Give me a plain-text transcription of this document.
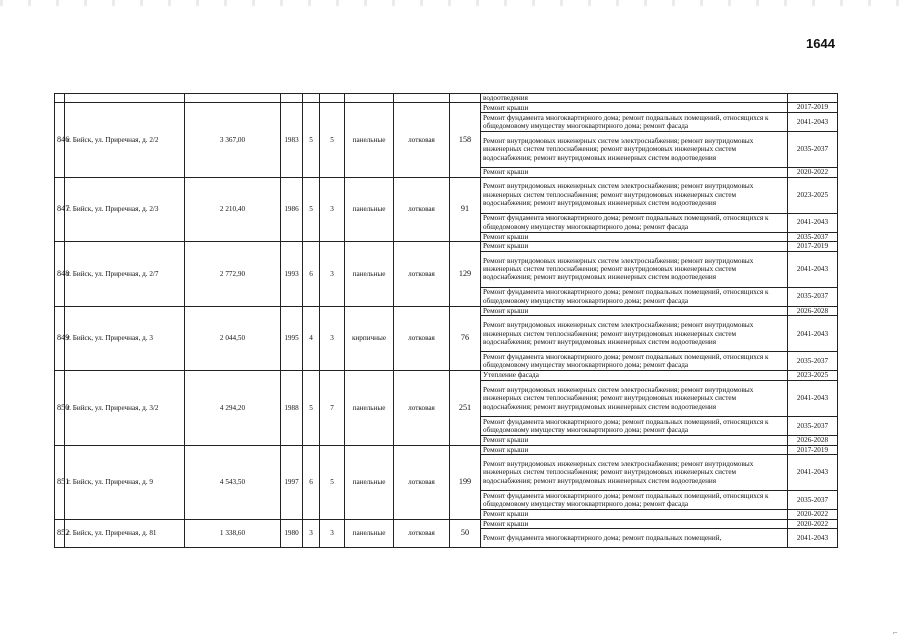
1644
									водоотведения	
846	г. Бийск, ул. Приречная, д. 2/2	3 367,00	1983	5	5	панельные	лотковая	158	Ремонт крыши	2017-2019
									Ремонт фундамента многоквартирного дома; ремонт подвальных помещений, относящихся к общедомовому имуществу многоквартирного дома; ремонт фасада	2041-2043
									Ремонт внутридомовых инженерных систем электроснабжения; ремонт внутридомовых инженерных систем теплоснабжения; ремонт внутридомовых инженерных систем водоснабжения; ремонт внутридомовых инженерных систем водоотведения	2035-2037
									Ремонт крыши	2020-2022
847	г. Бийск, ул. Приречная, д. 2/3	2 210,40	1986	5	3	панельные	лотковая	91	Ремонт внутридомовых инженерных систем электроснабжения; ремонт внутридомовых инженерных систем теплоснабжения; ремонт внутридомовых инженерных систем водоснабжения; ремонт внутридомовых инженерных систем водоотведения	2023-2025
									Ремонт фундамента многоквартирного дома; ремонт подвальных помещений, относящихся к общедомовому имуществу многоквартирного дома; ремонт фасада	2041-2043
									Ремонт крыши	2035-2037
848	г. Бийск, ул. Приречная, д. 2/7	2 772,90	1993	6	3	панельные	лотковая	129	Ремонт крыши	2017-2019
									Ремонт внутридомовых инженерных систем электроснабжения; ремонт внутридомовых инженерных систем теплоснабжения; ремонт внутридомовых инженерных систем водоснабжения; ремонт внутридомовых инженерных систем водоотведения	2041-2043
									Ремонт фундамента многоквартирного дома; ремонт подвальных помещений, относящихся к общедомовому имуществу многоквартирного дома; ремонт фасада	2035-2037
849	г. Бийск, ул. Приречная, д. 3	2 044,50	1995	4	3	кирпичные	лотковая	76	Ремонт крыши	2026-2028
									Ремонт внутридомовых инженерных систем электроснабжения; ремонт внутридомовых инженерных систем теплоснабжения; ремонт внутридомовых инженерных систем водоснабжения; ремонт внутридомовых инженерных систем водоотведения	2041-2043
									Ремонт фундамента многоквартирного дома; ремонт подвальных помещений, относящихся к общедомовому имуществу многоквартирного дома; ремонт фасада	2035-2037
850	г. Бийск, ул. Приречная, д. 3/2	4 294,20	1988	5	7	панельные	лотковая	251	Утепление фасада	2023-2025
									Ремонт внутридомовых инженерных систем электроснабжения; ремонт внутридомовых инженерных систем теплоснабжения; ремонт внутридомовых инженерных систем водоснабжения; ремонт внутридомовых инженерных систем водоотведения	2041-2043
									Ремонт фундамента многоквартирного дома; ремонт подвальных помещений, относящихся к общедомовому имуществу многоквартирного дома; ремонт фасада	2035-2037
									Ремонт крыши	2026-2028
851	г. Бийск, ул. Приречная, д. 9	4 543,50	1997	6	5	панельные	лотковая	199	Ремонт крыши	2017-2019
									Ремонт внутридомовых инженерных систем электроснабжения; ремонт внутридомовых инженерных систем теплоснабжения; ремонт внутридомовых инженерных систем водоснабжения; ремонт внутридомовых инженерных систем водоотведения	2041-2043
									Ремонт фундамента многоквартирного дома; ремонт подвальных помещений, относящихся к общедомовому имуществу многоквартирного дома; ремонт фасада	2035-2037
									Ремонт крыши	2020-2022
852	г. Бийск, ул. Приречная, д. 81	1 338,60	1980	3	3	панельные	лотковая	50	Ремонт крыши	2020-2022
									Ремонт фундамента многоквартирного дома; ремонт подвальных помещений,	2041-2043
⌐
